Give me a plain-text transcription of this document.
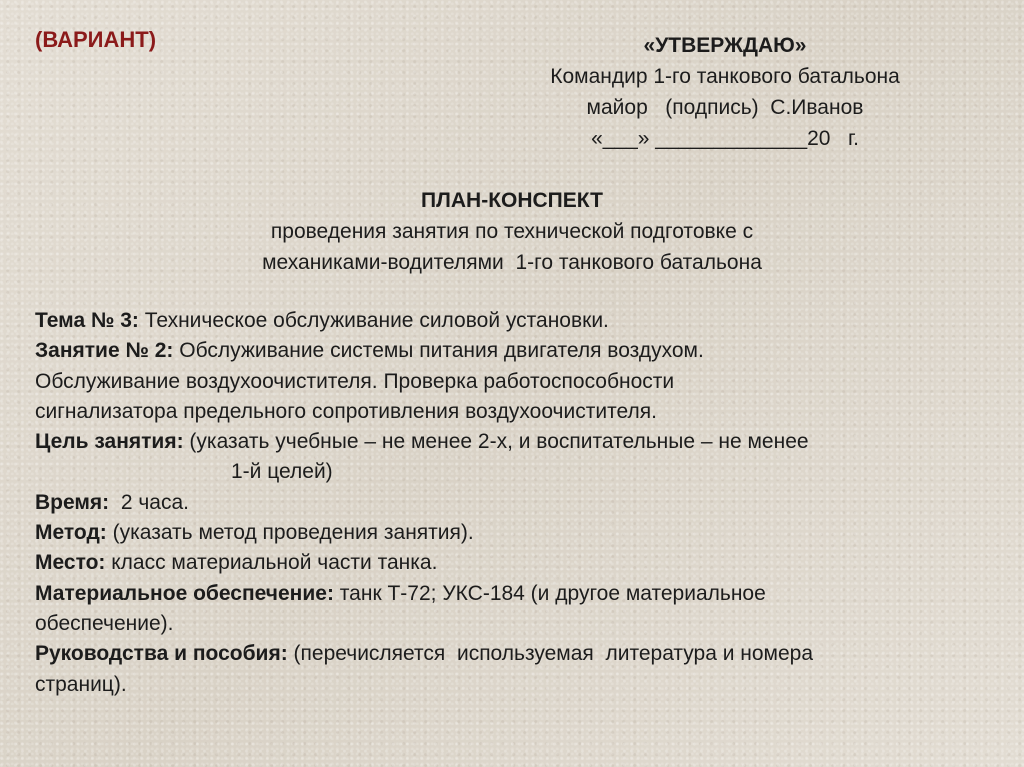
(ВАРИАНТ)	«УТВЕРЖДАЮ»
Командир 1-го танкового батальона
майор   (подпись)  С.Иванов
«___» _____________20   г.
ПЛАН-КОНСПЕКТ
проведения занятия по технической подготовке с
механиками-водителями  1-го танкового батальона
Тема № 3: Техническое обслуживание силовой установки.
Занятие № 2: Обслуживание системы питания двигателя воздухом.
Обслуживание воздухоочистителя. Проверка работоспособности
сигнализатора предельного сопротивления воздухоочистителя.
Цель занятия: (указать учебные – не менее 2-х, и воспитательные – не менее
1-й целей)
Время:  2 часа.
Метод: (указать метод проведения занятия).
Место: класс материальной части танка.
Материальное обеспечение: танк Т-72; УКС-184 (и другое материальное
обеспечение).
Руководства и пособия: (перечисляется  используемая  литература и номера
страниц).
